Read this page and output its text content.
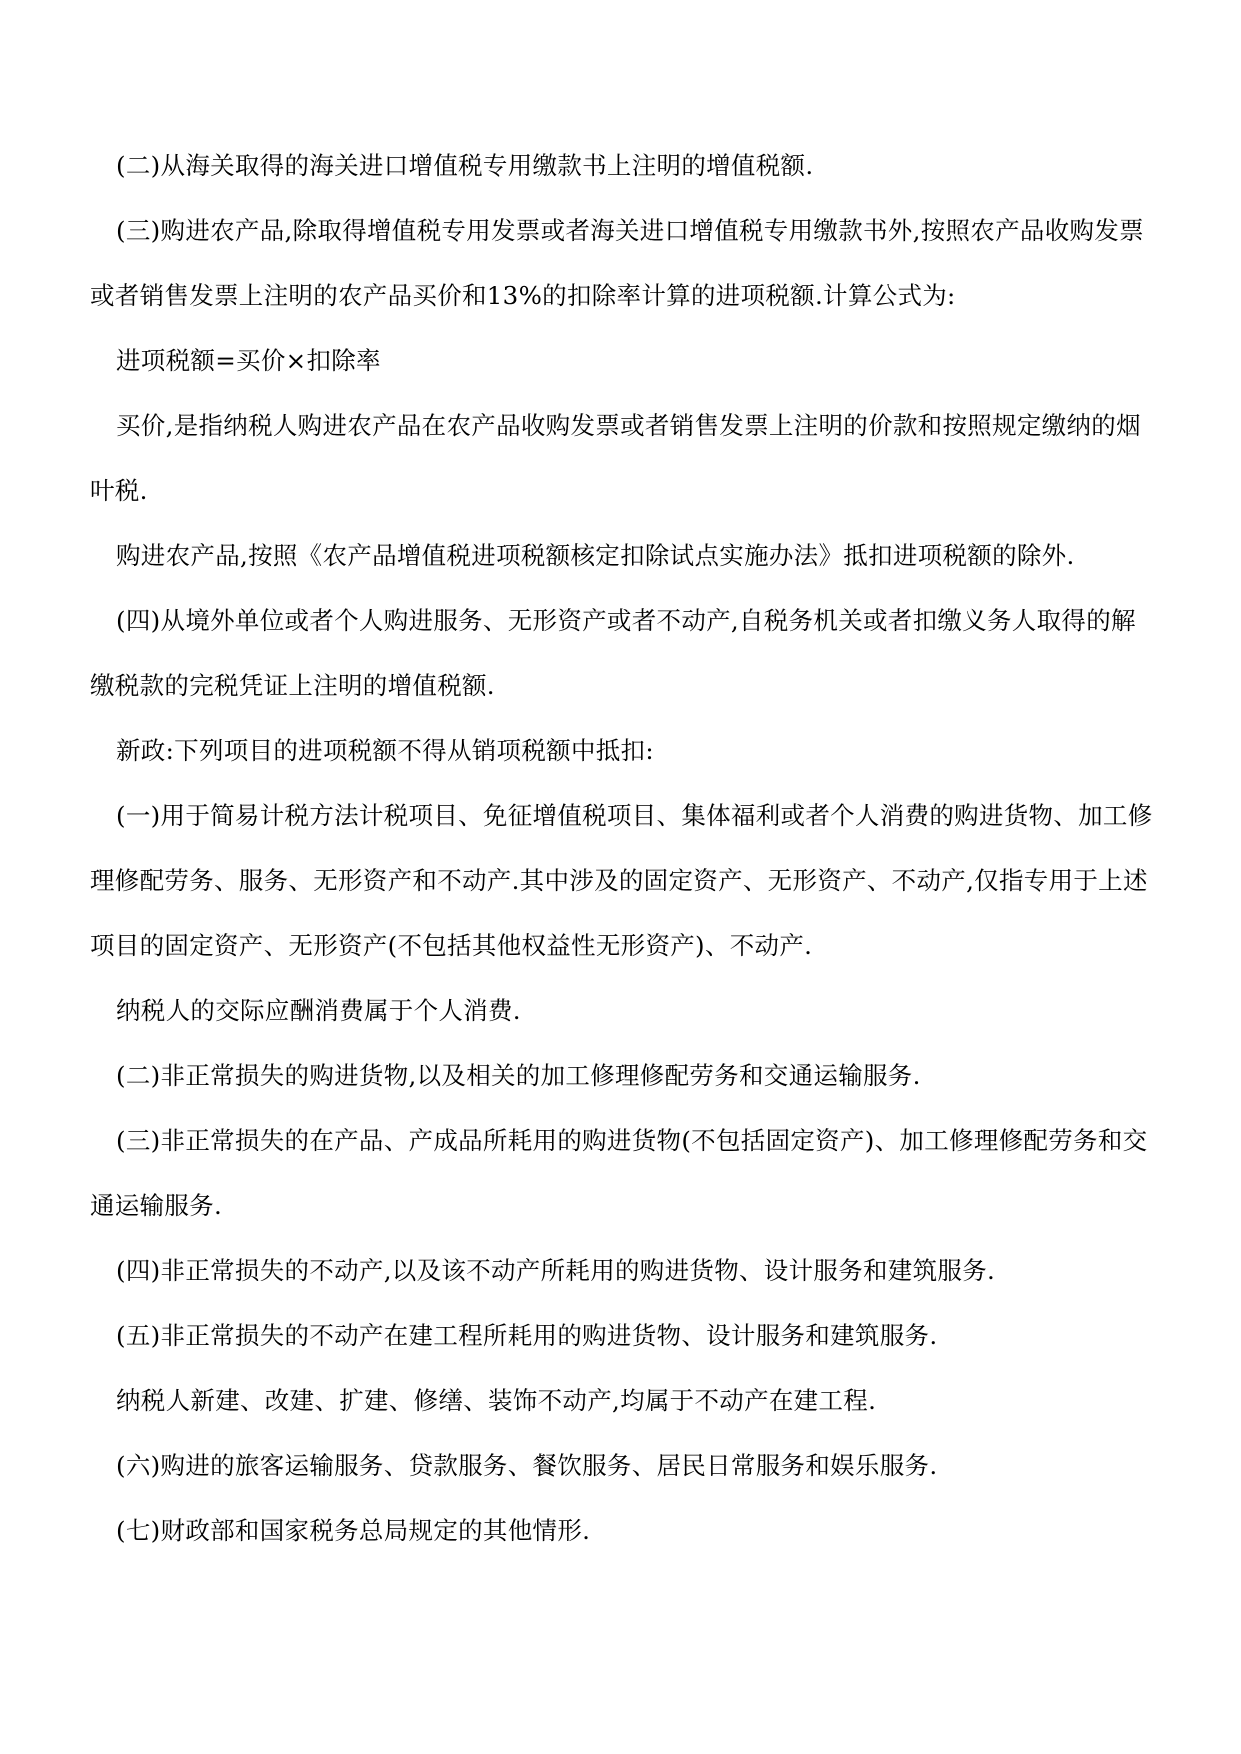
(二)从海关取得的海关进口增值税专用缴款书上注明的增值税额.

(三)购进农产品,除取得增值税专用发票或者海关进口增值税专用缴款书外,按照农产品收购发票或者销售发票上注明的农产品买价和13%的扣除率计算的进项税额.计算公式为:

进项税额=买价×扣除率

买价,是指纳税人购进农产品在农产品收购发票或者销售发票上注明的价款和按照规定缴纳的烟叶税.

购进农产品,按照《农产品增值税进项税额核定扣除试点实施办法》抵扣进项税额的除外.

(四)从境外单位或者个人购进服务、无形资产或者不动产,自税务机关或者扣缴义务人取得的解缴税款的完税凭证上注明的增值税额.

新政:下列项目的进项税额不得从销项税额中抵扣:

(一)用于简易计税方法计税项目、免征增值税项目、集体福利或者个人消费的购进货物、加工修理修配劳务、服务、无形资产和不动产.其中涉及的固定资产、无形资产、不动产,仅指专用于上述项目的固定资产、无形资产(不包括其他权益性无形资产)、不动产.

纳税人的交际应酬消费属于个人消费.

(二)非正常损失的购进货物,以及相关的加工修理修配劳务和交通运输服务.

(三)非正常损失的在产品、产成品所耗用的购进货物(不包括固定资产)、加工修理修配劳务和交通运输服务.

(四)非正常损失的不动产,以及该不动产所耗用的购进货物、设计服务和建筑服务.

(五)非正常损失的不动产在建工程所耗用的购进货物、设计服务和建筑服务.

纳税人新建、改建、扩建、修缮、装饰不动产,均属于不动产在建工程.

(六)购进的旅客运输服务、贷款服务、餐饮服务、居民日常服务和娱乐服务.

(七)财政部和国家税务总局规定的其他情形.
